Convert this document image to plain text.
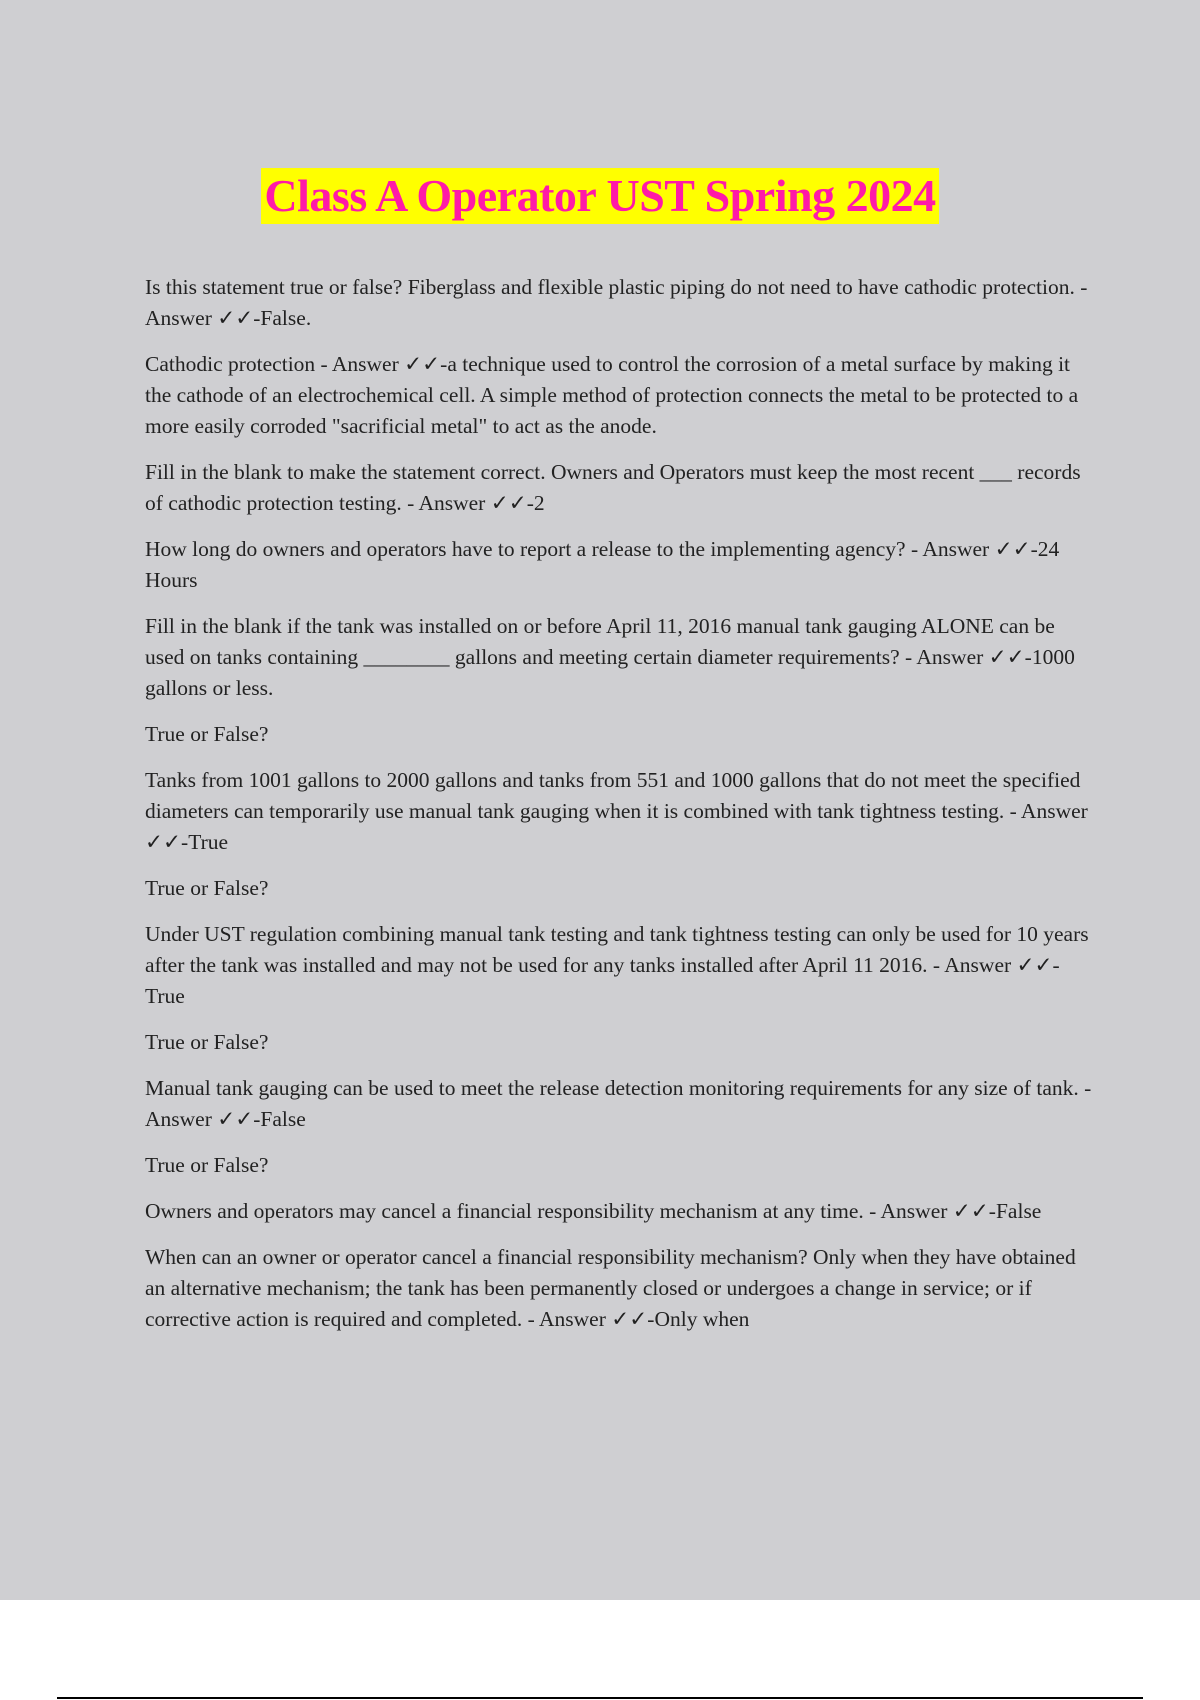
Class A Operator UST Spring 2024

Is this statement true or false? Fiberglass and flexible plastic piping do not need to have cathodic protection. - Answer ✓✓-False.

Cathodic protection - Answer ✓✓-a technique used to control the corrosion of a metal surface by making it the cathode of an electrochemical cell. A simple method of protection connects the metal to be protected to a more easily corroded "sacrificial metal" to act as the anode.

Fill in the blank to make the statement correct. Owners and Operators must keep the most recent ___ records of cathodic protection testing. - Answer ✓✓-2

How long do owners and operators have to report a release to the implementing agency? - Answer ✓✓-24 Hours

Fill in the blank if the tank was installed on or before April 11, 2016 manual tank gauging ALONE can be used on tanks containing ________ gallons and meeting certain diameter requirements? - Answer ✓✓-1000 gallons or less.

True or False?

Tanks from 1001 gallons to 2000 gallons and tanks from 551 and 1000 gallons that do not meet the specified diameters can temporarily use manual tank gauging when it is combined with tank tightness testing. - Answer ✓✓-True

True or False?

Under UST regulation combining manual tank testing and tank tightness testing can only be used for 10 years after the tank was installed and may not be used for any tanks installed after April 11 2016. - Answer ✓✓-True

True or False?

Manual tank gauging can be used to meet the release detection monitoring requirements for any size of tank. - Answer ✓✓-False

True or False?

Owners and operators may cancel a financial responsibility mechanism at any time. - Answer ✓✓-False

When can an owner or operator cancel a financial responsibility mechanism? Only when they have obtained an alternative mechanism; the tank has been permanently closed or undergoes a change in service; or if corrective action is required and completed. - Answer ✓✓-Only when
